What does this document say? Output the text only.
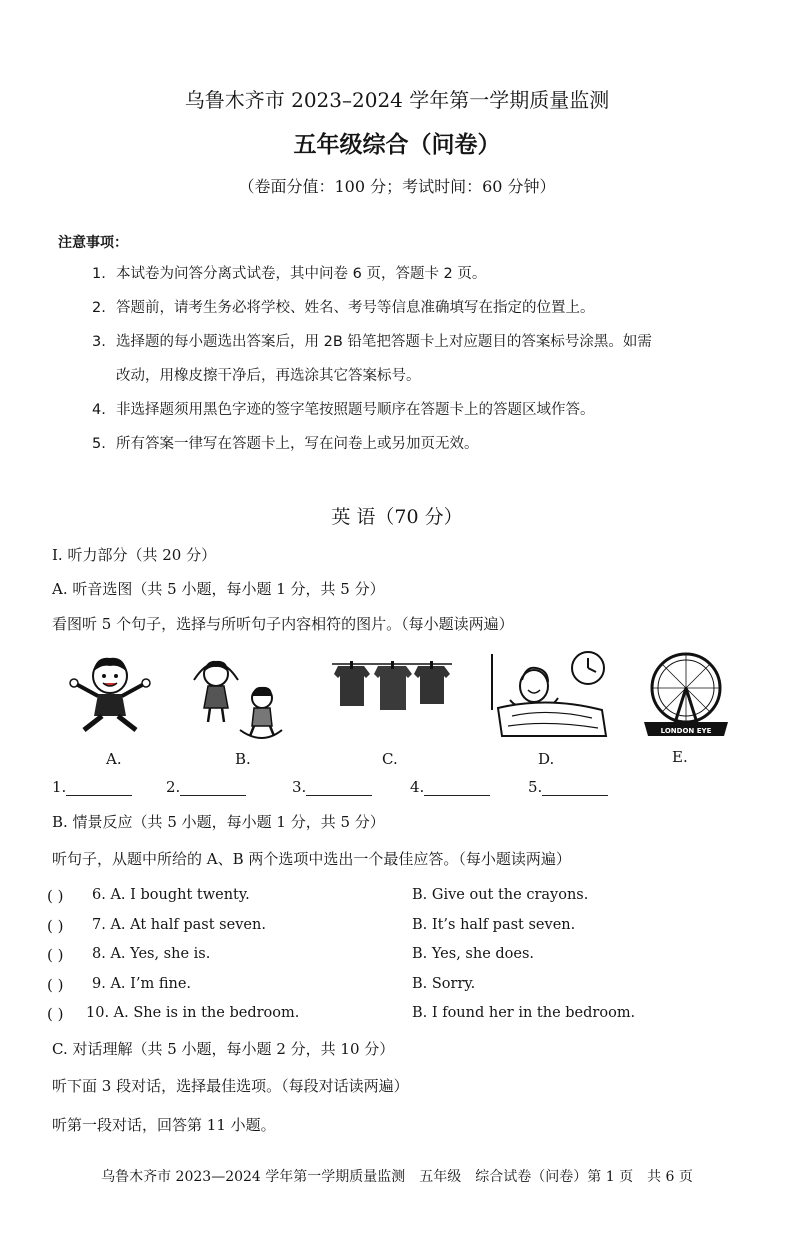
乌鲁木齐市 2023–2024 学年第一学期质量监测
五年级综合（问卷）
（卷面分值：100 分；考试时间：60 分钟）
注意事项：
1. 本试卷为问答分离式试卷，其中问卷 6 页，答题卡 2 页。
2. 答题前，请考生务必将学校、姓名、考号等信息准确填写在指定的位置上。
3. 选择题的每小题选出答案后，用 2B 铅笔把答题卡上对应题目的答案标号涂黑。如需
改动，用橡皮擦干净后，再选涂其它答案标号。
4. 非选择题须用黑色字迹的签字笔按照题号顺序在答题卡上的答题区域作答。
5. 所有答案一律写在答题卡上，写在问卷上或另加页无效。
英 语（70 分）
I. 听力部分（共 20 分）
A. 听音选图（共 5 小题，每小题 1 分，共 5 分）
看图听 5 个句子，选择与所听句子内容相符的图片。（每小题读两遍）
LONDON EYE
A.	B.	C.	D.	E.
1.	2.	3.	4.	5.
B. 情景反应（共 5 小题，每小题 1 分，共 5 分）
听句子，从题中所给的 A、B 两个选项中选出一个最佳应答。（每小题读两遍）
( ) 6. A. I bought twenty.	B. Give out the crayons.
( ) 7. A. At half past seven.	B. It’s half past seven.
( ) 8. A. Yes, she is.	B. Yes, she does.
( ) 9. A. I’m fine.	B. Sorry.
( ) 10. A. She is in the bedroom.	B. I found her in the bedroom.
C. 对话理解（共 5 小题，每小题 2 分，共 10 分）
听下面 3 段对话，选择最佳选项。（每段对话读两遍）
听第一段对话，回答第 11 小题。
乌鲁木齐市 2023—2024 学年第一学期质量监测　五年级　综合试卷（问卷）第 1 页　共 6 页
